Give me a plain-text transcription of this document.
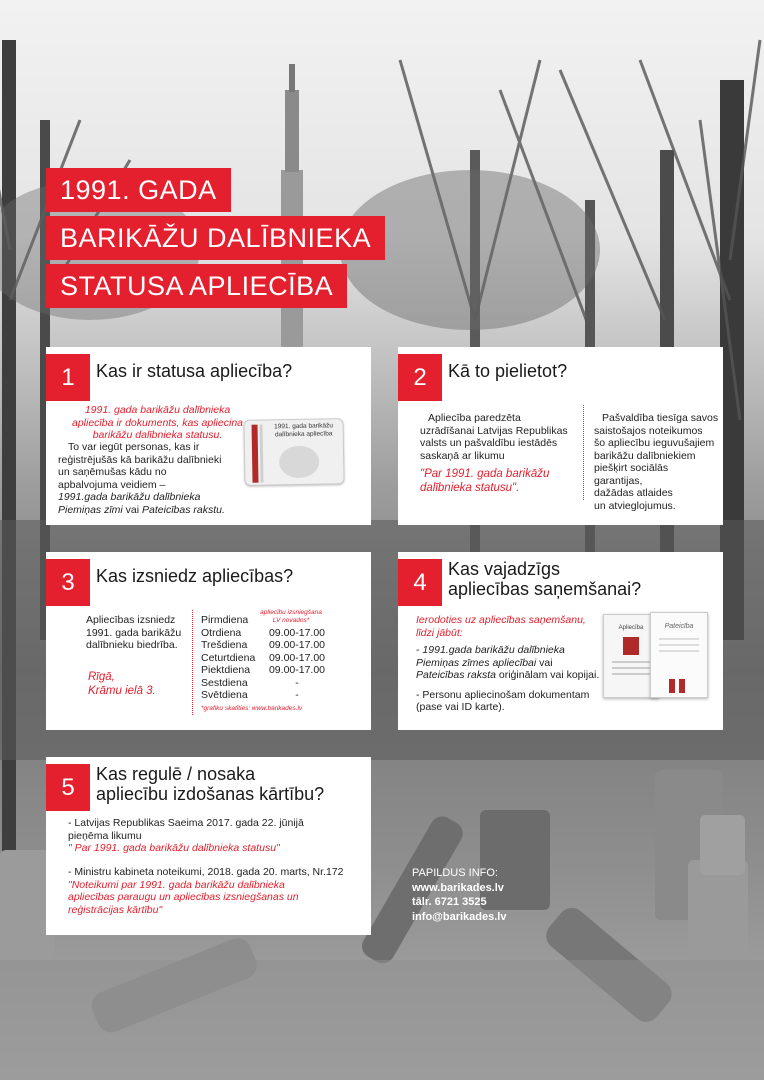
1991. GADA
BARIKĀŽU DALĪBNIEKA
STATUSA APLIECĪBA
1	Kas ir statusa apliecība?
1991. gada barikāžu dalībnieka
apliecība ir dokuments, kas apliecina
barikāžu dalībnieka statusu.
To var iegūt personas, kas ir
reģistrējušās kā barikāžu dalībnieki
un saņēmušas kādu no
apbalvojuma veidiem –
1991.gada barikāžu dalībnieka
Piemiņas zīmi vai Pateicības rakstu.
1991. gada barikāžu
dalībnieka apliecība
2	Kā to pielietot?
Apliecība paredzēta
uzrādīšanai Latvijas Republikas
valsts un pašvaldību iestādēs
saskaņā ar likumu
"Par 1991. gada barikāžu
dalībnieka statusu".
Pašvaldība tiesīga savos
saistošajos noteikumos
šo apliecību ieguvušajiem
barikāžu dalībniekiem
piešķirt sociālās garantijas,
dažādas atlaides
un atvieglojumus.
3	Kas izsniedz apliecības?
Apliecības izsniedz
1991. gada barikāžu
dalībnieku biedrība.
Rīgā,
Krāmu ielā 3.
apliecību izsniegšana
LV novados*
Pirmdiena
Otrdiena	09.00-17.00
Trešdiena	09.00-17.00
Ceturtdiena	09.00-17.00
Piektdiena	09.00-17.00
Sestdiena	-
Svētdiena	-
*grafiku skatīties: www.barikades.lv
4	Kas vajadzīgs
apliecības saņemšanai?
Ierodoties uz apliecības saņemšanu,
līdzi jābūt:
- 1991.gada barikāžu dalībnieka
Piemiņas zīmes apliecībai vai
Pateicības raksta oriģinālam vai kopijai.
- Personu apliecinošam dokumentam
(pase vai ID karte).
Apliecība	Pateicība
5	Kas regulē / nosaka
apliecību izdošanas kārtību?
- Latvijas Republikas Saeima 2017. gada 22. jūnijā
pieņēma likumu
" Par 1991. gada barikāžu dalībnieka statusu"
- Ministru kabineta noteikumi, 2018. gada 20. marts, Nr.172
"Noteikumi par 1991. gada barikāžu dalībnieka
apliecības paraugu un apliecības izsniegšanas un
reģistrācijas kārtību"
PAPILDUS INFO:
www.barikades.lv
tālr. 6721 3525
info@barikades.lv
